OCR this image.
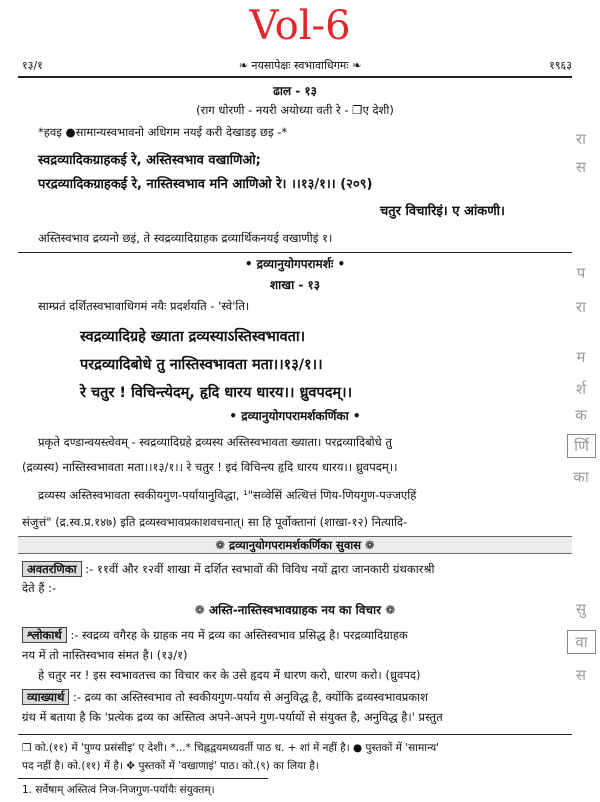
Vol-6
१३/१	❧ नयसापेक्षः स्वभावाधिगमः ❧	१९६३
ढाल - १३
(राग धोरणी - नयरी अयोध्या वती रे - ❒ए देशी)
*हवइ ●सामान्यस्वभावनो अधिगम नयई करी देखाडइ छइ -*
स्वद्रव्यादिकग्राहकई रे, अस्तिस्वभाव वखाणिओ;
परद्रव्यादिकग्राहकई रे, नास्तिस्वभाव मनि आणिओ रे। ।।१३/१।। (२०९)
चतुर विचारिइं। ए आंकणी।
अस्तिस्वभाव द्रव्यनो छइं, ते स्वद्रव्यादिग्राहक द्रव्यार्थिकनयई वखाणीइं १।
• द्रव्यानुयोगपरामर्शः •
शाखा - १३
साम्प्रतं दर्शितस्वभावाधिगमं नयैः प्रदर्शयति - 'स्वे'ति।
स्वद्रव्यादिग्रहे ख्याता द्रव्यस्याऽस्तिस्वभावता।
परद्रव्यादिबोधे तु नास्तिस्वभावता मता।।१३/१।।
रे चतुर ! विचिन्त्येदम्, हृदि धारय धारय।। ध्रुवपदम्।।
• द्रव्यानुयोगपरामर्शकर्णिका •
प्रकृते दण्डान्वयस्त्वेवम् - स्वद्रव्यादिग्रहे द्रव्यस्य अस्तिस्वभावता ख्याता। परद्रव्यादिबोधे तु
(द्रव्यस्य) नास्तिस्वभावता मता।।१३/१।। रे चतुर ! इदं विचिन्त्य हृदि धारय धारय।। ध्रुवपदम्।।
द्रव्यस्य अस्तिस्वभावता स्वकीयगुण-पर्यायानुविद्धा, ¹"सव्वेसिं अत्थित्तं णिय-णियगुण-पज्जएहिं
संजुत्तं" (द्र.स्व.प्र.१४७) इति द्रव्यस्वभावप्रकाशवचनात्। सा हि पूर्वोक्तानां (शाखा-१२) नित्यादि-
❁ द्रव्यानुयोगपरामर्शकर्णिका सुवास ❁
अवतरणिका :- ११वीं और १२वीं शाखा में दर्शित स्वभावों की विविध नयों द्वारा जानकारी ग्रंथकारश्री
देते हैं :-
❁ अस्ति-नास्तिस्वभावग्राहक नय का विचार ❁
श्लोकार्थ :- स्वद्रव्य वगैरह के ग्राहक नय में द्रव्य का अस्तिस्वभाव प्रसिद्ध है। परद्रव्यादिग्राहक
नय में तो नास्तिस्वभाव संमत है। (१३/१)
हे चतुर नर ! इस स्वभावतत्त्व का विचार कर के उसे हृदय में धारण करो, धारण करो। (ध्रुवपद)
व्याख्यार्थ :- द्रव्य का अस्तिस्वभाव तो स्वकीयगुण-पर्याय से अनुविद्ध है, क्योंकि द्रव्यस्वभावप्रकाश
ग्रंथ में बताया है कि 'प्रत्येक द्रव्य का अस्तित्व अपने-अपने गुण-पर्यायों से संयुक्त है, अनुविद्ध है।' प्रस्तुत
❒ को.(११) में 'पुण्य प्रसंसीइ' ए देशी। *...* चिह्नद्वयमध्यवर्ती पाठ ध. + शां में नहीं है। ● पुस्तकों में 'सामान्य'
पद नहीं है। को.(११) में है। ✥ पुस्तकों में 'वखाणाइं' पाठ। को.(९) का लिया है।
1. सर्वेषाम् अस्तित्वं निज-निजगुण-पर्यायैः संयुक्तम्।
रा
स
प
रा
म
र्श
क
र्णि
का
सु
वा
स
